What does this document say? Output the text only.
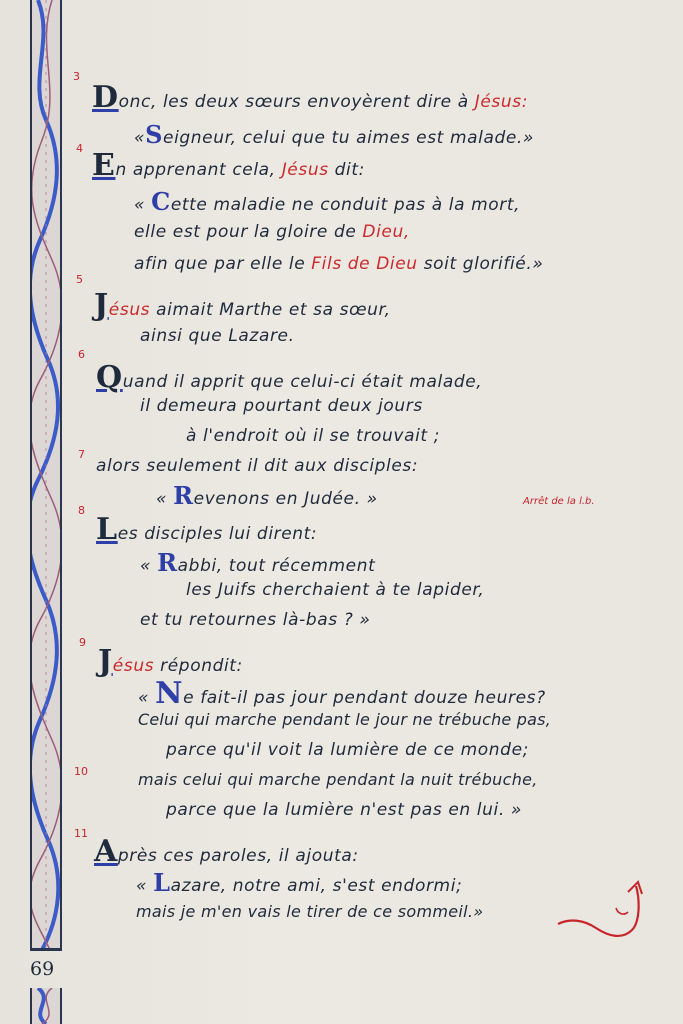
3
4
5
6
7
8
9
10
11
Donc, les deux sœurs envoyèrent dire à Jésus:
«Seigneur, celui que tu aimes est malade.»
En apprenant cela, Jésus dit:
« Cette maladie ne conduit pas à la mort,
elle est pour la gloire de Dieu,
afin que par elle le Fils de Dieu soit glorifié.»
Jésus aimait Marthe et sa sœur,
ainsi que Lazare.
Quand il apprit que celui-ci était malade,
il demeura pourtant deux jours
à l'endroit où il se trouvait ;
alors seulement il dit aux disciples:
« Revenons en Judée. »	Arrêt de la l.b.
Les disciples lui dirent:
« Rabbi, tout récemment
les Juifs cherchaient à te lapider,
et tu retournes là-bas ? »
Jésus répondit:
« Ne fait-il pas jour pendant douze heures?
Celui qui marche pendant le jour ne trébuche pas,
parce qu'il voit la lumière de ce monde;
mais celui qui marche pendant la nuit trébuche,
parce que la lumière n'est pas en lui. »
Après ces paroles, il ajouta:
« Lazare, notre ami, s'est endormi;
mais je m'en vais le tirer de ce sommeil.»
69
